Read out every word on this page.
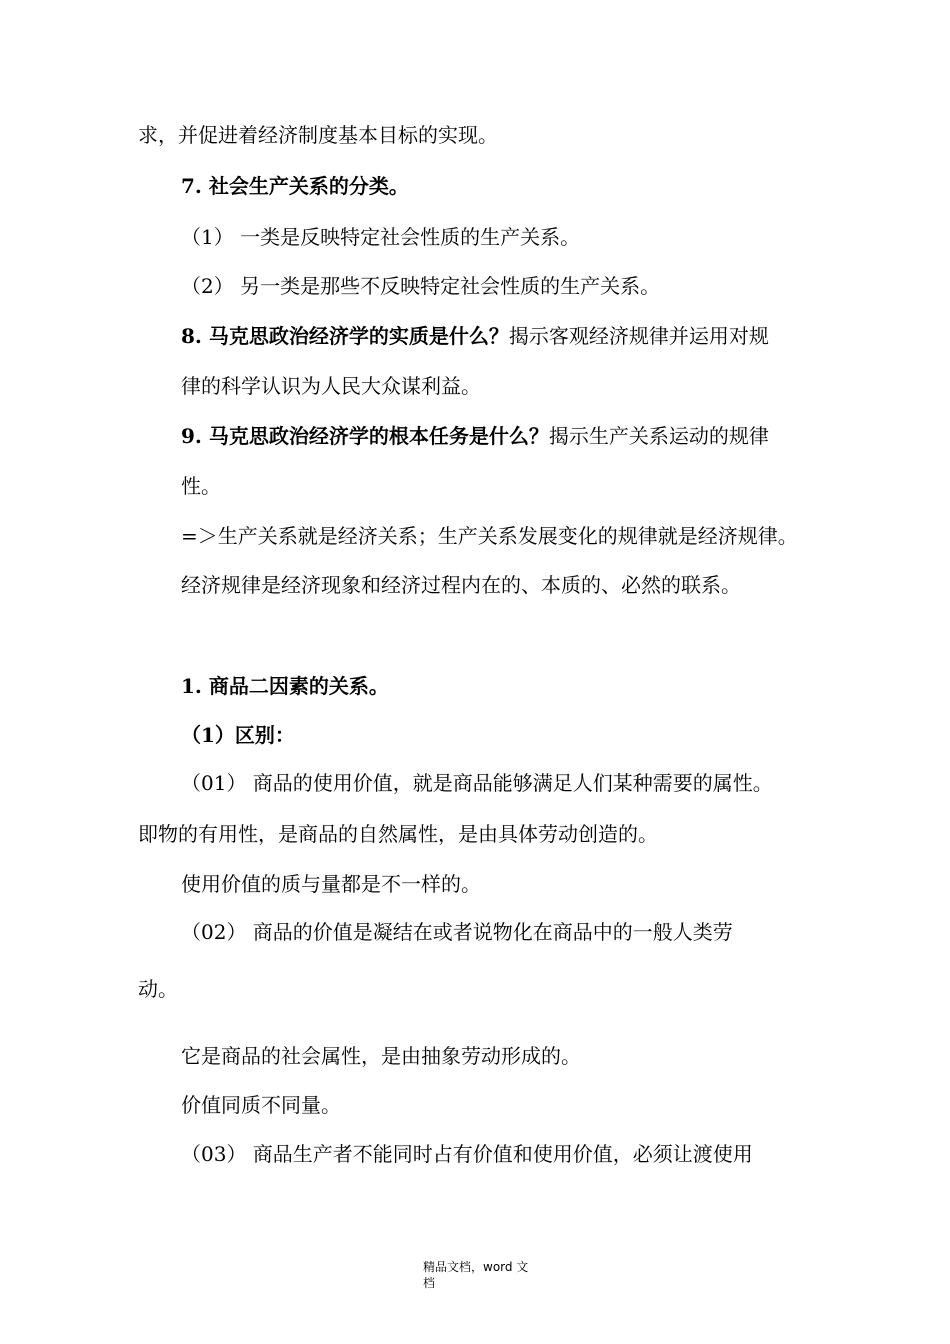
求，并促进着经济制度基本目标的实现。
7. 社会生产关系的分类。
（1） 一类是反映特定社会性质的生产关系。
（2） 另一类是那些不反映特定社会性质的生产关系。
8. 马克思政治经济学的实质是什么？揭示客观经济规律并运用对规
律的科学认识为人民大众谋利益。
9. 马克思政治经济学的根本任务是什么？揭示生产关系运动的规律
性。
=＞生产关系就是经济关系；生产关系发展变化的规律就是经济规律。
经济规律是经济现象和经济过程内在的、本质的、必然的联系。
1. 商品二因素的关系。
（1）区别：
（01） 商品的使用价值，就是商品能够满足人们某种需要的属性。
即物的有用性，是商品的自然属性，是由具体劳动创造的。
使用价值的质与量都是不一样的。
（02） 商品的价值是凝结在或者说物化在商品中的一般人类劳
动。
它是商品的社会属性，是由抽象劳动形成的。
价值同质不同量。
（03） 商品生产者不能同时占有价值和使用价值，必须让渡使用
精品文档，word 文
档
